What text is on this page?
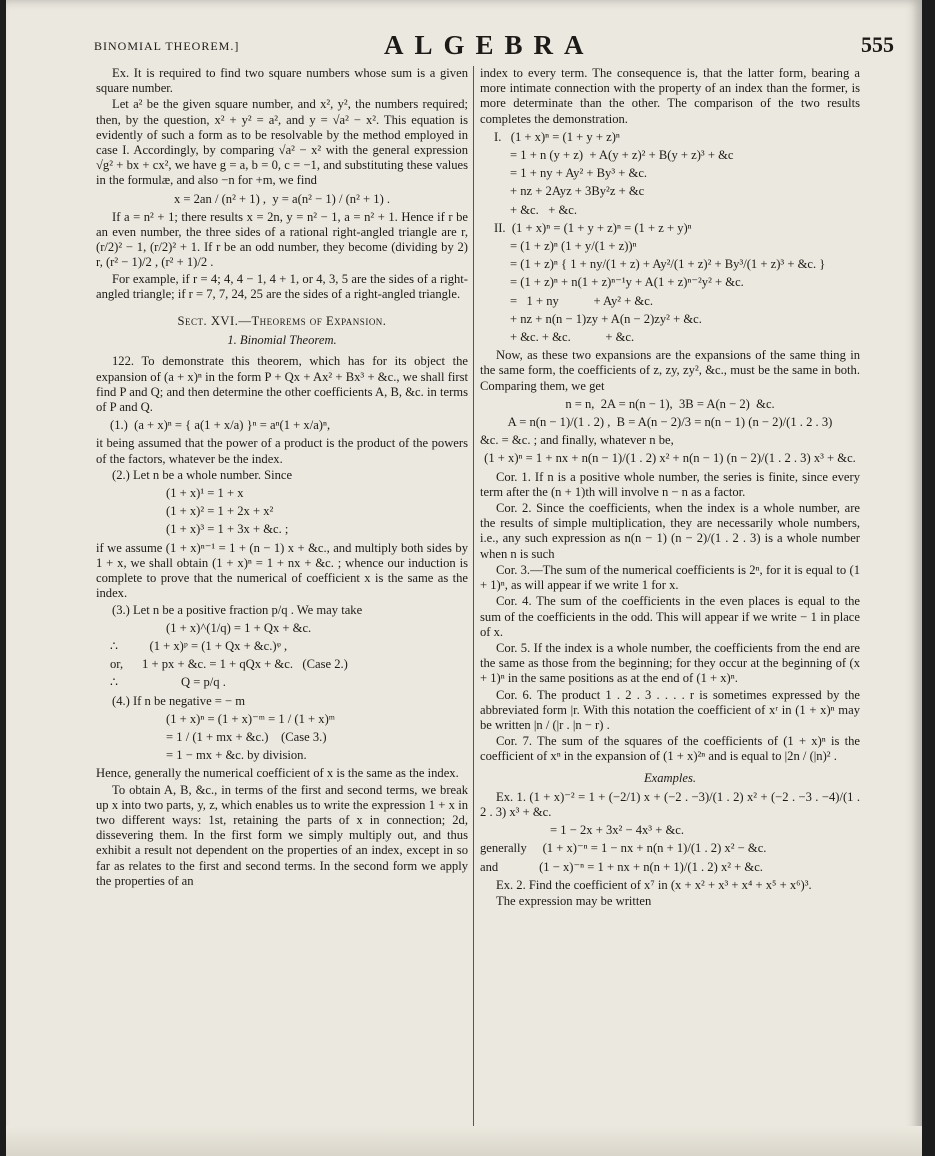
BINOMIAL THEOREM.]	ALGEBRA	555

Ex. It is required to find two square numbers whose sum is a given square number.

Let a² be the given square number, and x², y², the numbers required; then, by the question, x² + y² = a², and y = √a² − x². This equation is evidently of such a form as to be resolvable by the method employed in case I. Accordingly, by comparing √a² − x² with the general expression √g² + bx + cx², we have g = a, b = 0, c = −1, and substituting these values in the formulæ, and also −n for +m, we find

x = 2an / (n² + 1) ,  y = a(n² − 1) / (n² + 1) .

If a = n² + 1; there results x = 2n, y = n² − 1, a = n² + 1. Hence if r be an even number, the three sides of a rational right-angled triangle are r, (r/2)² − 1, (r/2)² + 1. If r be an odd number, they become (dividing by 2) r, (r² − 1)/2 , (r² + 1)/2 .

For example, if r = 4; 4, 4 − 1, 4 + 1, or 4, 3, 5 are the sides of a right-angled triangle; if r = 7, 7, 24, 25 are the sides of a right-angled triangle.

Sect. XVI.—Theorems of Expansion.
1. Binomial Theorem.

122. To demonstrate this theorem, which has for its object the expansion of (a + x)ⁿ in the form P + Qx + Ax² + Bx³ + &c., we shall first find P and Q; and then determine the other coefficients A, B, &c. in terms of P and Q.

(1.)  (a + x)ⁿ = { a(1 + x/a) }ⁿ = aⁿ(1 + x/a)ⁿ,

it being assumed that the power of a product is the product of the powers of the factors, whatever be the index.

(2.) Let n be a whole number. Since

(1 + x)¹ = 1 + x
(1 + x)² = 1 + 2x + x²
(1 + x)³ = 1 + 3x + &c. ;

if we assume (1 + x)ⁿ⁻¹ = 1 + (n − 1) x + &c., and multiply both sides by 1 + x, we shall obtain (1 + x)ⁿ = 1 + nx + &c. ; whence our induction is complete to prove that the numerical of coefficient x is the same as the index.

(3.) Let n be a positive fraction p/q . We may take

(1 + x)^(1/q) = 1 + Qx + &c.
∴          (1 + x)ᵖ = (1 + Qx + &c.)ᵠ ,
or,      1 + px + &c. = 1 + qQx + &c.   (Case 2.)
∴                    Q = p/q .

(4.) If n be negative = − m

(1 + x)ⁿ = (1 + x)⁻ᵐ = 1 / (1 + x)ᵐ
= 1 / (1 + mx + &c.)    (Case 3.)
= 1 − mx + &c. by division.

Hence, generally the numerical coefficient of x is the same as the index.

To obtain A, B, &c., in terms of the first and second terms, we break up x into two parts, y, z, which enables us to write the expression 1 + x in two different ways: 1st, retaining the parts of x in connection; 2d, dissevering them. In the first form we simply multiply out, and thus exhibit a result not dependent on the properties of an index, except in so far as relates to the first and second terms. In the second form we apply the properties of an

index to every term. The consequence is, that the latter form, bearing a more intimate connection with the property of an index than the former, is more determinate than the other. The comparison of the two results completes the demonstration.

I.   (1 + x)ⁿ = (1 + y + z)ⁿ
= 1 + n (y + z)  + A(y + z)² + B(y + z)³ + &c
= 1 + ny + Ay² + By³ + &c.
+ nz + 2Ayz + 3By²z + &c
+ &c.   + &c.
II.  (1 + x)ⁿ = (1 + y + z)ⁿ = (1 + z + y)ⁿ
= (1 + z)ⁿ (1 + y/(1 + z))ⁿ
= (1 + z)ⁿ { 1 + ny/(1 + z) + Ay²/(1 + z)² + By³/(1 + z)³ + &c. }
= (1 + z)ⁿ + n(1 + z)ⁿ⁻¹y + A(1 + z)ⁿ⁻²y² + &c.
=   1 + ny           + Ay² + &c.
+ nz + n(n − 1)zy + A(n − 2)zy² + &c.
+ &c. + &c.           + &c.

Now, as these two expansions are the expansions of the same thing in the same form, the coefficients of z, zy, zy², &c., must be the same in both. Comparing them, we get

n = n,  2A = n(n − 1),  3B = A(n − 2)  &c.
A = n(n − 1)/(1 . 2) ,  B = A(n − 2)/3 = n(n − 1) (n − 2)/(1 . 2 . 3)

&c. = &c. ; and finally, whatever n be,

(1 + x)ⁿ = 1 + nx + n(n − 1)/(1 . 2) x² + n(n − 1) (n − 2)/(1 . 2 . 3) x³ + &c.

Cor. 1. If n is a positive whole number, the series is finite, since every term after the (n + 1)th will involve n − n as a factor.

Cor. 2. Since the coefficients, when the index is a whole number, are the results of simple multiplication, they are necessarily whole numbers, i.e., any such expression as n(n − 1) (n − 2)/(1 . 2 . 3) is a whole number when n is such

Cor. 3.—The sum of the numerical coefficients is 2ⁿ, for it is equal to (1 + 1)ⁿ, as will appear if we write 1 for x.

Cor. 4. The sum of the coefficients in the even places is equal to the sum of the coefficients in the odd. This will appear if we write − 1 in place of x.

Cor. 5. If the index is a whole number, the coefficients from the end are the same as those from the beginning; for they occur at the beginning of (x + 1)ⁿ in the same positions as at the end of (1 + x)ⁿ.

Cor. 6. The product 1 . 2 . 3 . . . . r is sometimes expressed by the abbreviated form |r. With this notation the coefficient of xʳ in (1 + x)ⁿ may be written |n / (|r . |n − r) .

Cor. 7. The sum of the squares of the coefficients of (1 + x)ⁿ is the coefficient of xⁿ in the expansion of (1 + x)²ⁿ and is equal to |2n / (|n)² .

Examples.

Ex. 1. (1 + x)⁻² = 1 + (−2/1) x + (−2 . −3)/(1 . 2) x² + (−2 . −3 . −4)/(1 . 2 . 3) x³ + &c.

= 1 − 2x + 3x² − 4x³ + &c.
generally     (1 + x)⁻ⁿ = 1 − nx + n(n + 1)/(1 . 2) x² − &c.
and             (1 − x)⁻ⁿ = 1 + nx + n(n + 1)/(1 . 2) x² + &c.

Ex. 2. Find the coefficient of x⁷ in (x + x² + x³ + x⁴ + x⁵ + x⁶)³.

The expression may be written
